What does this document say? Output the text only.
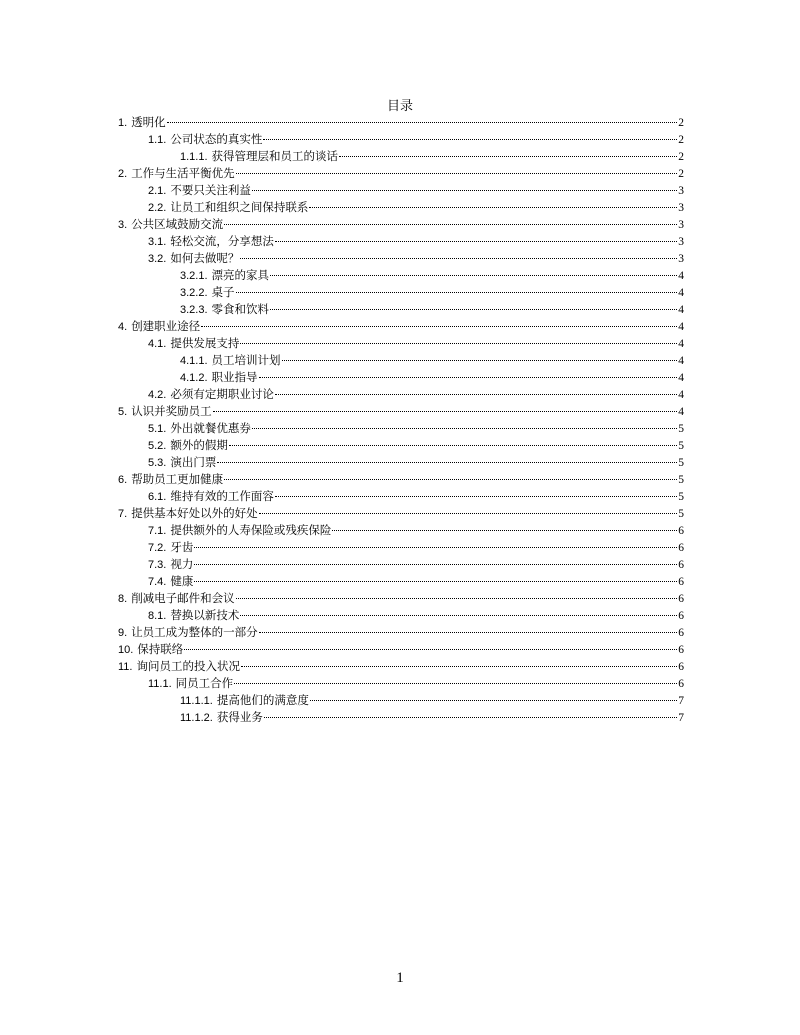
目录
1. 透明化	2
1.1. 公司状态的真实性	2
1.1.1. 获得管理层和员工的谈话	2
2. 工作与生活平衡优先	2
2.1. 不要只关注利益	3
2.2. 让员工和组织之间保持联系	3
3. 公共区域鼓励交流	3
3.1. 轻松交流，分享想法	3
3.2. 如何去做呢？	3
3.2.1. 漂亮的家具	4
3.2.2. 桌子	4
3.2.3. 零食和饮料	4
4. 创建职业途径	4
4.1. 提供发展支持	4
4.1.1. 员工培训计划	4
4.1.2. 职业指导	4
4.2. 必须有定期职业讨论	4
5. 认识并奖励员工	4
5.1. 外出就餐优惠券	5
5.2. 额外的假期	5
5.3. 演出门票	5
6. 帮助员工更加健康	5
6.1. 维持有效的工作面容	5
7. 提供基本好处以外的好处	5
7.1. 提供额外的人寿保险或残疾保险	6
7.2. 牙齿	6
7.3. 视力	6
7.4. 健康	6
8. 削减电子邮件和会议	6
8.1. 替换以新技术	6
9. 让员工成为整体的一部分	6
10. 保持联络	6
11. 询问员工的投入状况	6
11.1. 同员工合作	6
11.1.1. 提高他们的满意度	7
11.1.2. 获得业务	7
1
